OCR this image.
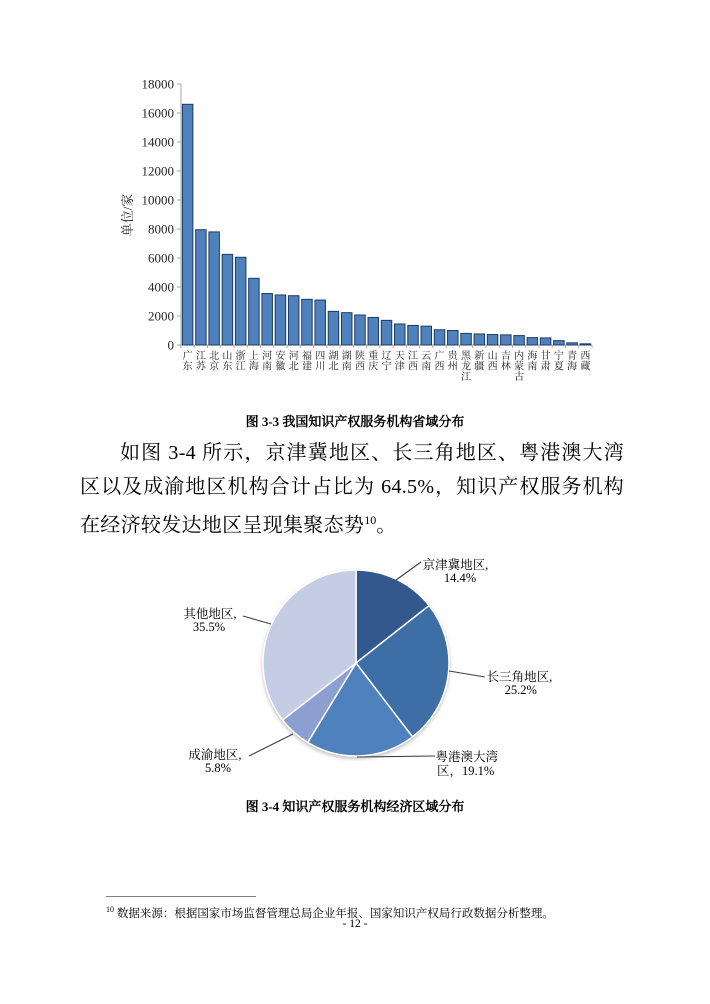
0
2000
4000
6000
8000
10000
12000
14000
16000
18000
单位/家
广东
江苏
北京
山东
浙江
上海
河南
安徽
河北
福建
四川
湖北
湖南
陕西
重庆
辽宁
天津
江西
云南
广西
贵州
黑龙江
新疆
山西
吉林
内蒙古
海南
甘肃
宁夏
青海
西藏
图 3-3 我国知识产权服务机构省域分布

如图 3-4 所示，京津冀地区、长三角地区、粤港澳大湾区以及成渝地区机构合计占比为 64.5%，知识产权服务机构在经济较发达地区呈现集聚态势$^{10}$。

京津冀地区,
14.4%
长三角地区,
25.2%
粤港澳大湾
区，19.1%
成渝地区,
5.8%
其他地区,
35.5%
图 3-4 知识产权服务机构经济区域分布
$^{10}$ 数据来源：根据国家市场监督管理总局企业年报、国家知识产权局行政数据分析整理。
- 12 -
